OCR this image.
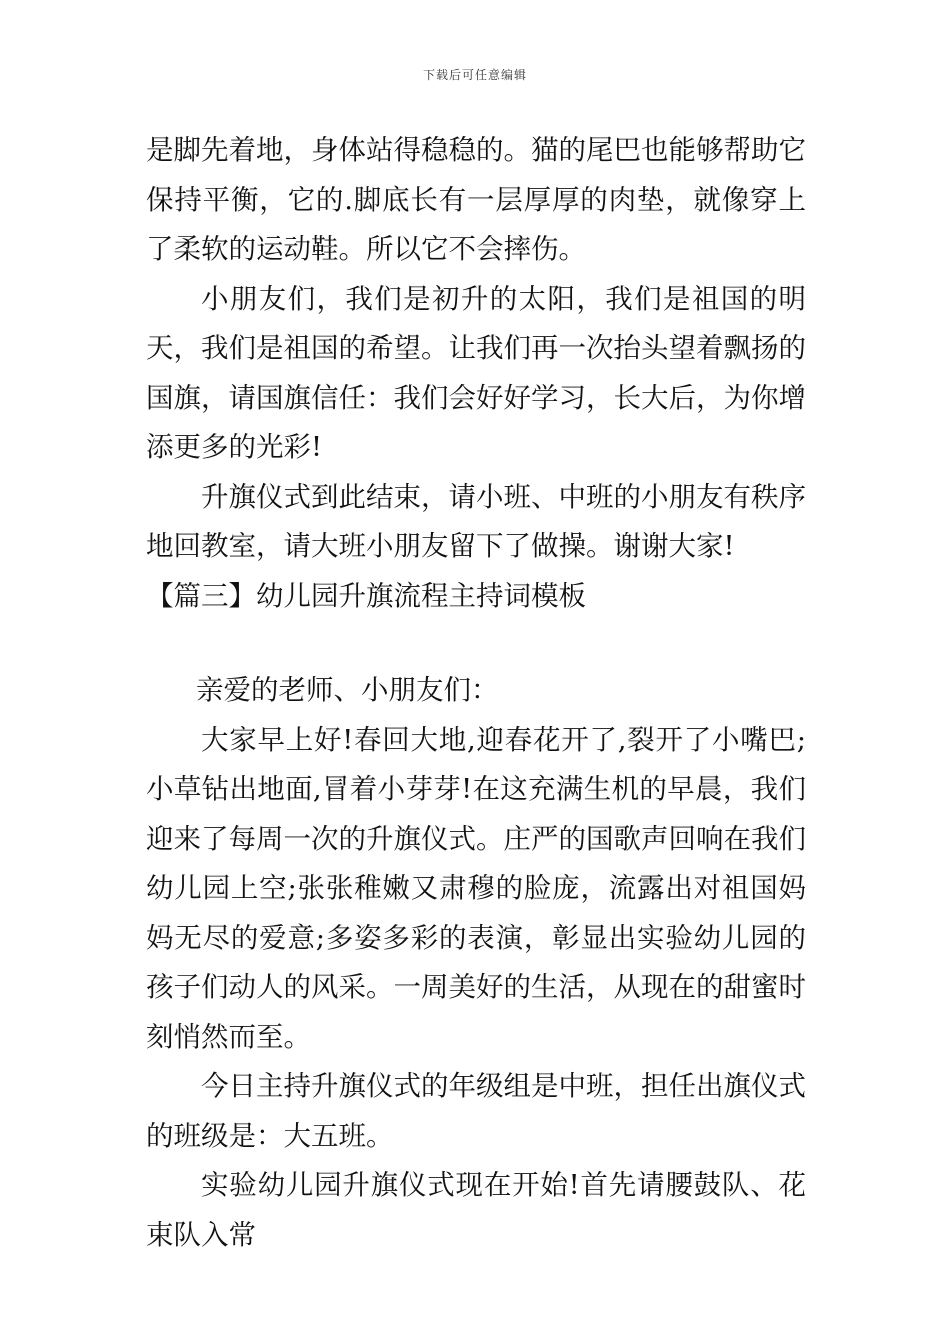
下载后可任意编辑

是脚先着地，身体站得稳稳的。猫的尾巴也能够帮助它保持平衡，它的.脚底长有一层厚厚的肉垫，就像穿上了柔软的运动鞋。所以它不会摔伤。

小朋友们，我们是初升的太阳，我们是祖国的明天，我们是祖国的希望。让我们再一次抬头望着飘扬的国旗，请国旗信任：我们会好好学习，长大后，为你增添更多的光彩!

升旗仪式到此结束，请小班、中班的小朋友有秩序地回教室，请大班小朋友留下了做操。谢谢大家!

【篇三】幼儿园升旗流程主持词模板

亲爱的老师、小朋友们：

大家早上好!春回大地,迎春花开了,裂开了小嘴巴;小草钻出地面,冒着小芽芽!在这充满生机的早晨，我们迎来了每周一次的升旗仪式。庄严的国歌声回响在我们幼儿园上空;张张稚嫩又肃穆的脸庞，流露出对祖国妈妈无尽的爱意;多姿多彩的表演，彰显出实验幼儿园的孩子们动人的风采。一周美好的生活，从现在的甜蜜时刻悄然而至。

今日主持升旗仪式的年级组是中班，担任出旗仪式的班级是：大五班。

实验幼儿园升旗仪式现在开始!首先请腰鼓队、花束队入常
